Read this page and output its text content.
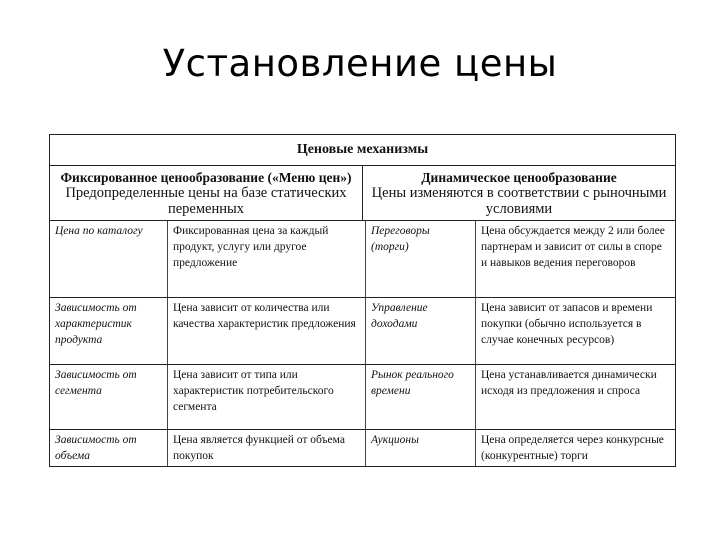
Установление цены
Ценовые механизмы
Фиксированное ценообразование («Меню цен»)
Предопределенные цены на базе статических переменных
Динамическое ценообразование
Цены изменяются в соответствии с рыночными условиями
Цена по каталогу	Фиксированная цена за каждый продукт, услугу или другое предложение
Переговоры (торги)
Цена обсуждается между 2 или более партнерам и зависит от силы в споре и навыков ведения переговоров
Зависимость от характеристик продукта
Цена зависит от количества или качества характеристик предложения
Управление доходами
Цена зависит от запасов и времени покупки (обычно используется в случае конечных ресурсов)
Зависимость от сегмента
Цена зависит от типа или характеристик потребительского сегмента
Рынок реального времени
Цена устанавливается динамически исходя из предложения и спроса
Зависимость от объема
Цена является функцией от объема покупок
Аукционы	Цена определяется через конкурсные (конкурентные) торги
